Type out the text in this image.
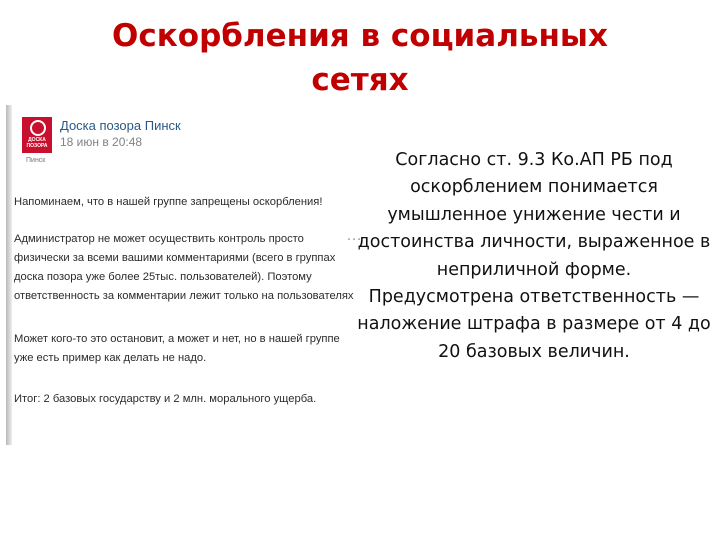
Оскорбления в социальных
сетях
ДОСКА ПОЗОРА
Пинск
Доска позора Пинск
18 июн в 20:48
…

Напоминаем, что в нашей группе запрещены оскорбления!

Администратор не может осуществить контроль просто физически за всеми вашими комментариями (всего в группах доска позора уже более 25тыс. пользователей). Поэтому ответственность за комментарии лежит только на пользователях

Может кого-то это остановит, а может и нет, но в нашей группе уже есть пример как делать не надо.

Итог: 2 базовых государству и 2 млн. морального ущерба.

Согласно ст. 9.3 Ко.АП РБ под оскорблением понимается умышленное унижение чести и достоинства личности, выраженное в неприличной форме.

Предусмотрена ответственность — наложение штрафа в размере от 4 до 20 базовых величин.
